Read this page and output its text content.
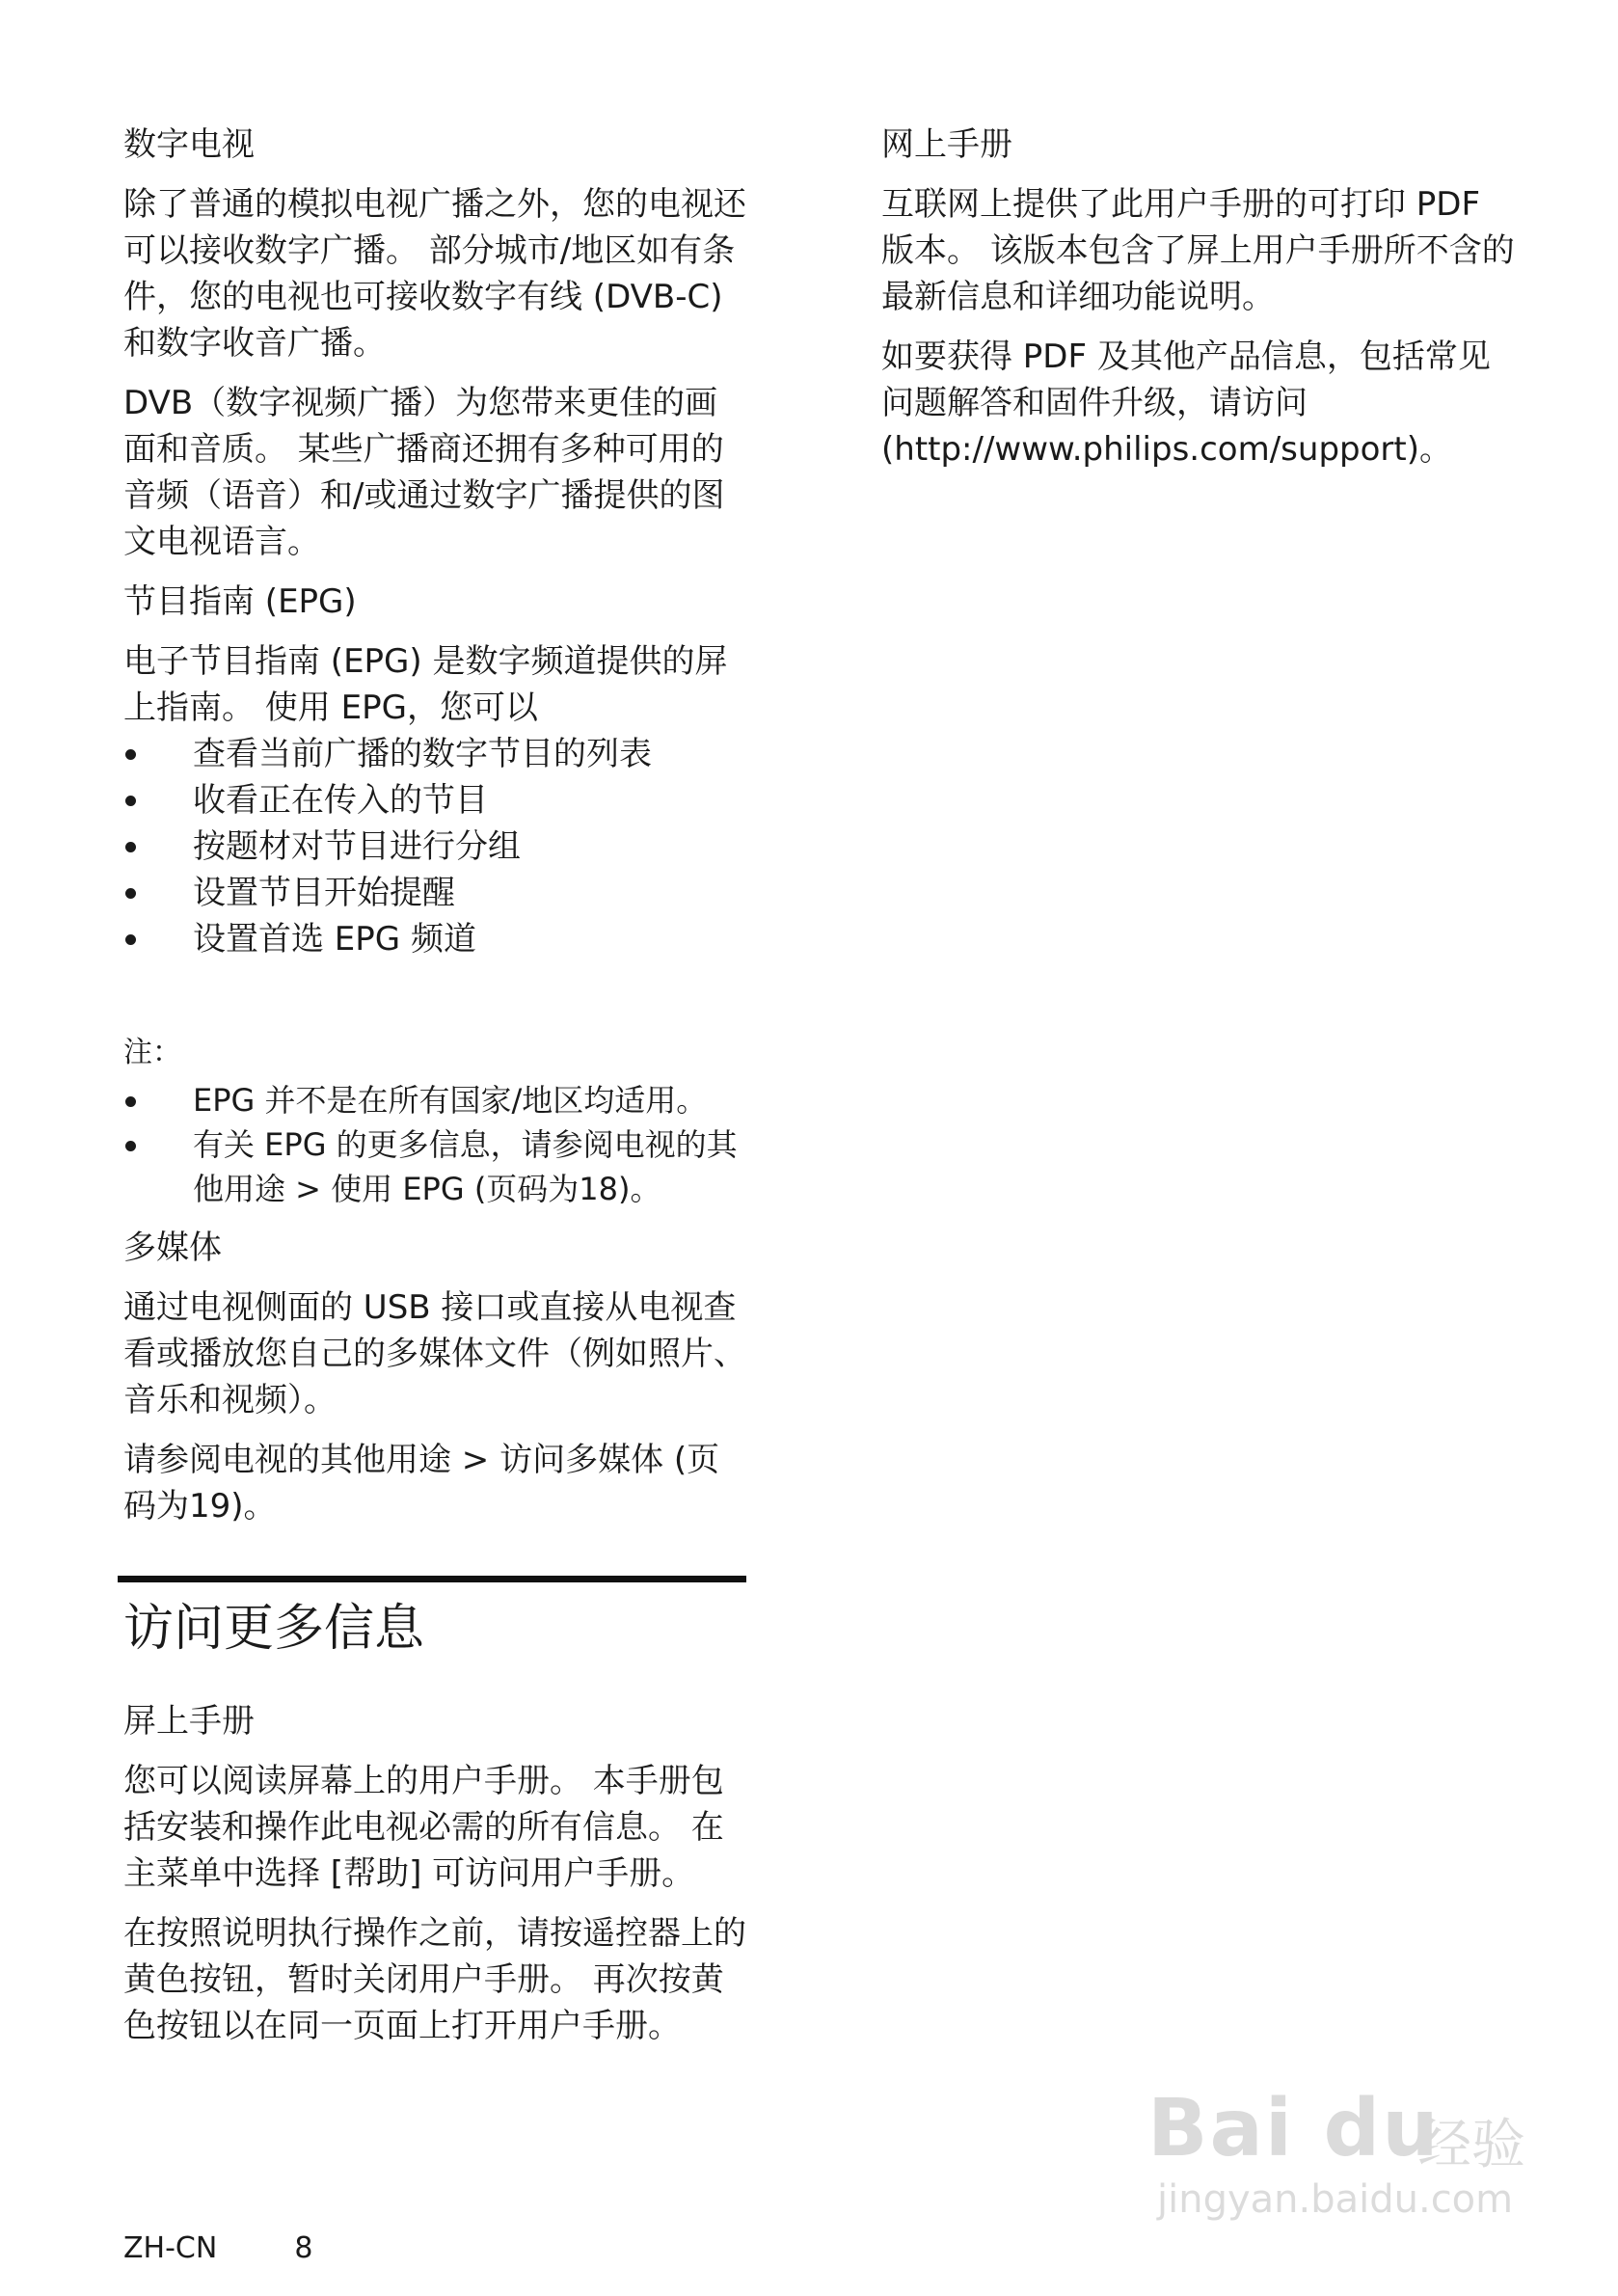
数字电视
除了普通的模拟电视广播之外，您的电视还可以接收数字广播。 部分城市/地区如有条件，您的电视也可接收数字有线 (DVB-C) 和数字收音广播。
DVB（数字视频广播）为您带来更佳的画面和音质。 某些广播商还拥有多种可用的音频（语音）和/或通过数字广播提供的图文电视语言。
节目指南 (EPG)
电子节目指南 (EPG) 是数字频道提供的屏上指南。 使用 EPG，您可以
查看当前广播的数字节目的列表
收看正在传入的节目
按题材对节目进行分组
设置节目开始提醒
设置首选 EPG 频道
注：
EPG 并不是在所有国家/地区均适用。
有关 EPG 的更多信息，请参阅电视的其他用途 > 使用 EPG (页码为18)。
多媒体
通过电视侧面的 USB 接口或直接从电视查看或播放您自己的多媒体文件（例如照片、音乐和视频）。
请参阅电视的其他用途 > 访问多媒体 (页码为19)。
访问更多信息
屏上手册
您可以阅读屏幕上的用户手册。 本手册包括安装和操作此电视必需的所有信息。 在主菜单中选择 [帮助] 可访问用户手册。
在按照说明执行操作之前，请按遥控器上的黄色按钮，暂时关闭用户手册。 再次按黄色按钮以在同一页面上打开用户手册。
网上手册
互联网上提供了此用户手册的可打印 PDF 版本。 该版本包含了屏上用户手册所不含的最新信息和详细功能说明。
如要获得 PDF 及其他产品信息，包括常见问题解答和固件升级，请访问 (http://www.philips.com/support)。
ZH-CN	8
Bai du
经验
jingyan.baidu.com
